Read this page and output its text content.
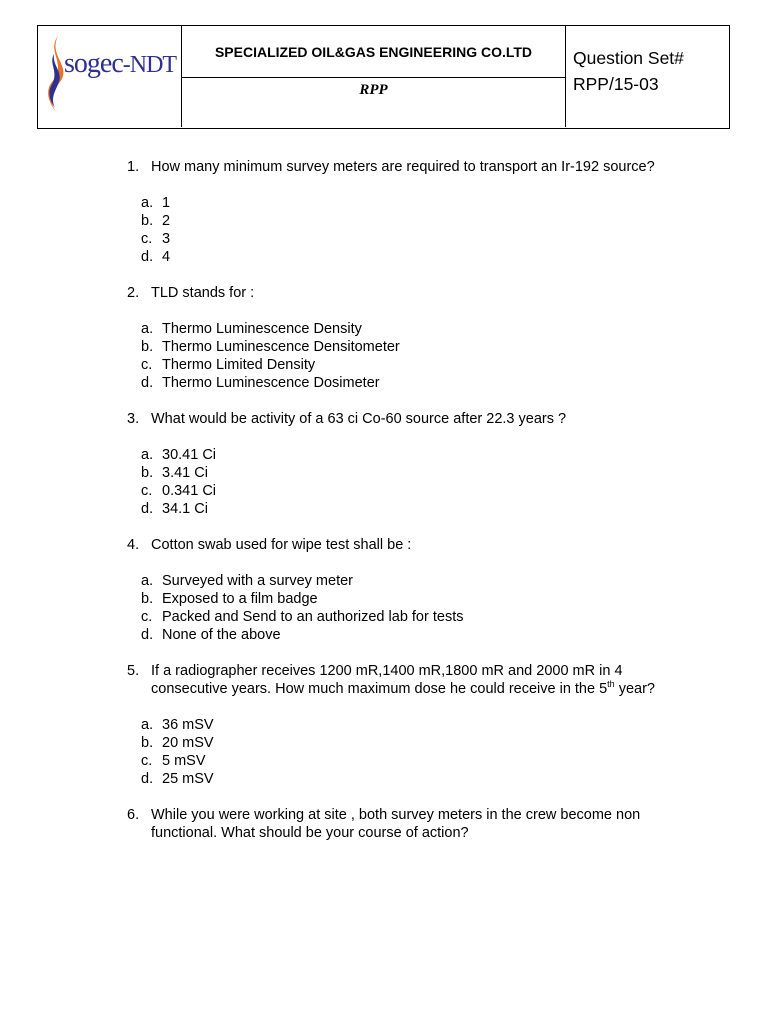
sogec-NDT
SPECIALIZED OIL&GAS ENGINEERING CO.LTD
RPP
Question Set#
RPP/15-03
1. How many minimum survey meters are required to transport an Ir-192 source?
a. 1
b. 2
c. 3
d. 4
2. TLD stands for :
a. Thermo Luminescence Density
b. Thermo Luminescence Densitometer
c. Thermo Limited Density
d. Thermo Luminescence Dosimeter
3. What would be activity of a 63 ci Co-60 source after 22.3 years ?
a. 30.41 Ci
b. 3.41 Ci
c. 0.341 Ci
d. 34.1 Ci
4. Cotton swab used for wipe test shall be :
a. Surveyed with a survey meter
b. Exposed to a film badge
c. Packed and Send to an authorized lab for tests
d. None of the above
5. If a radiographer receives 1200 mR,1400 mR,1800 mR and 2000 mR in 4 consecutive years. How much maximum dose he could receive in the 5th year?
a. 36 mSV
b. 20 mSV
c. 5 mSV
d. 25 mSV
6. While you were working at site , both survey meters in the crew become non functional. What should be your course of action?
